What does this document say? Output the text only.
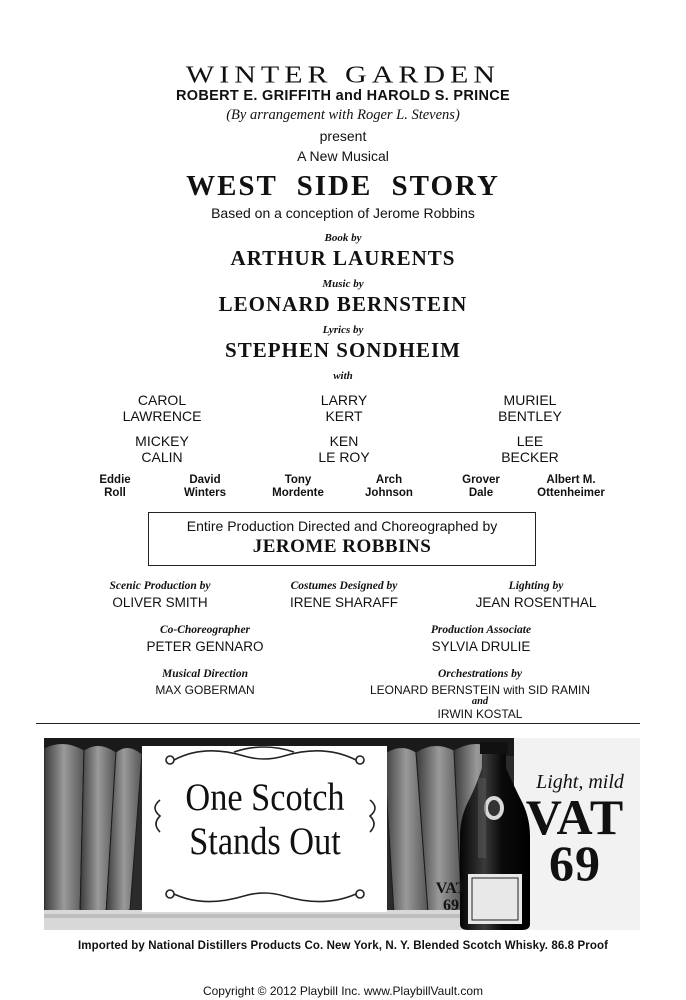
WINTER GARDEN
ROBERT E. GRIFFITH and HAROLD S. PRINCE
(By arrangement with Roger L. Stevens)
present
A New Musical
WEST SIDE STORY
Based on a conception of Jerome Robbins
Book by
ARTHUR LAURENTS
Music by
LEONARD BERNSTEIN
Lyrics by
STEPHEN SONDHEIM
with
CAROL
LAWRENCE
LARRY
KERT
MURIEL
BENTLEY
MICKEY
CALIN
KEN
LE ROY
LEE
BECKER
Eddie
Roll
David
Winters
Tony
Mordente
Arch
Johnson
Grover
Dale
Albert M.
Ottenheimer
Entire Production Directed and Choreographed by
JEROME ROBBINS
Scenic Production by
OLIVER SMITH
Costumes Designed by
IRENE SHARAFF
Lighting by
JEAN ROSENTHAL
Co-Choreographer
PETER GENNARO
Production Associate
SYLVIA DRULIE
Musical Direction
MAX GOBERMAN
Orchestrations by
LEONARD BERNSTEIN with SID RAMIN
and
IRWIN KOSTAL
One Scotch
Stands Out
Light, mild
VAT
69
VAT
69
Imported by National Distillers Products Co. New York, N. Y. Blended Scotch Whisky. 86.8 Proof
Copyright © 2012 Playbill Inc. www.PlaybillVault.com
